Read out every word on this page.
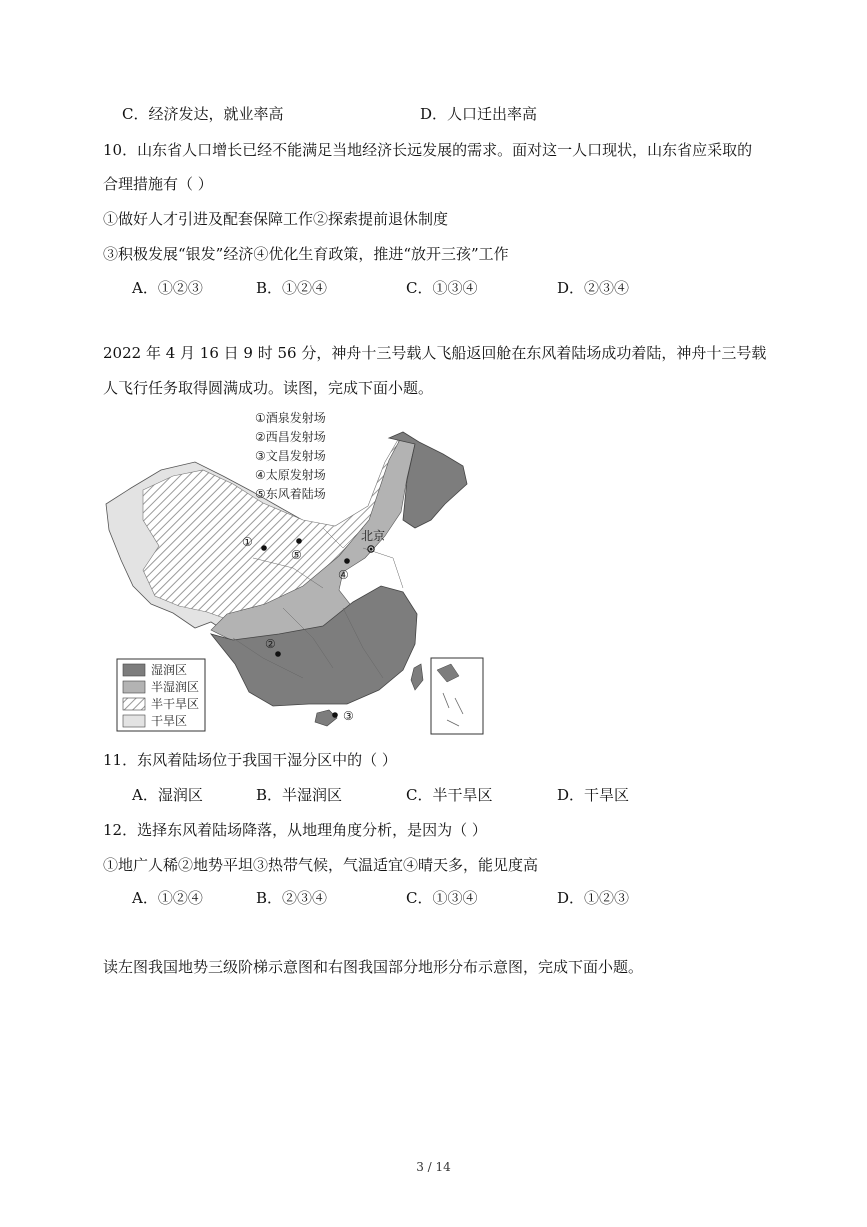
C．经济发达，就业率高	D．人口迁出率高
10．山东省人口增长已经不能满足当地经济长远发展的需求。面对这一人口现状，山东省应采取的
合理措施有（ ）
①做好人才引进及配套保障工作②探索提前退休制度
③积极发展“银发”经济④优化生育政策，推进“放开三孩”工作
A．①②③	B．①②④	C．①③④	D．②③④
2022 年 4 月 16 日 9 时 56 分，神舟十三号载人飞船返回舱在东风着陆场成功着陆，神舟十三号载
人飞行任务取得圆满成功。读图，完成下面小题。
①酒泉发射场
②西昌发射场
③文昌发射场
④太原发射场
⑤东风着陆场
①
⑤
北京
④
②
③
湿润区
半湿润区
半干旱区
干旱区
11．东风着陆场位于我国干湿分区中的（ ）
A．湿润区	B．半湿润区	C．半干旱区	D．干旱区
12．选择东风着陆场降落，从地理角度分析，是因为（ ）
①地广人稀②地势平坦③热带气候，气温适宜④晴天多，能见度高
A．①②④	B．②③④	C．①③④	D．①②③
读左图我国地势三级阶梯示意图和右图我国部分地形分布示意图，完成下面小题。
3 / 14
